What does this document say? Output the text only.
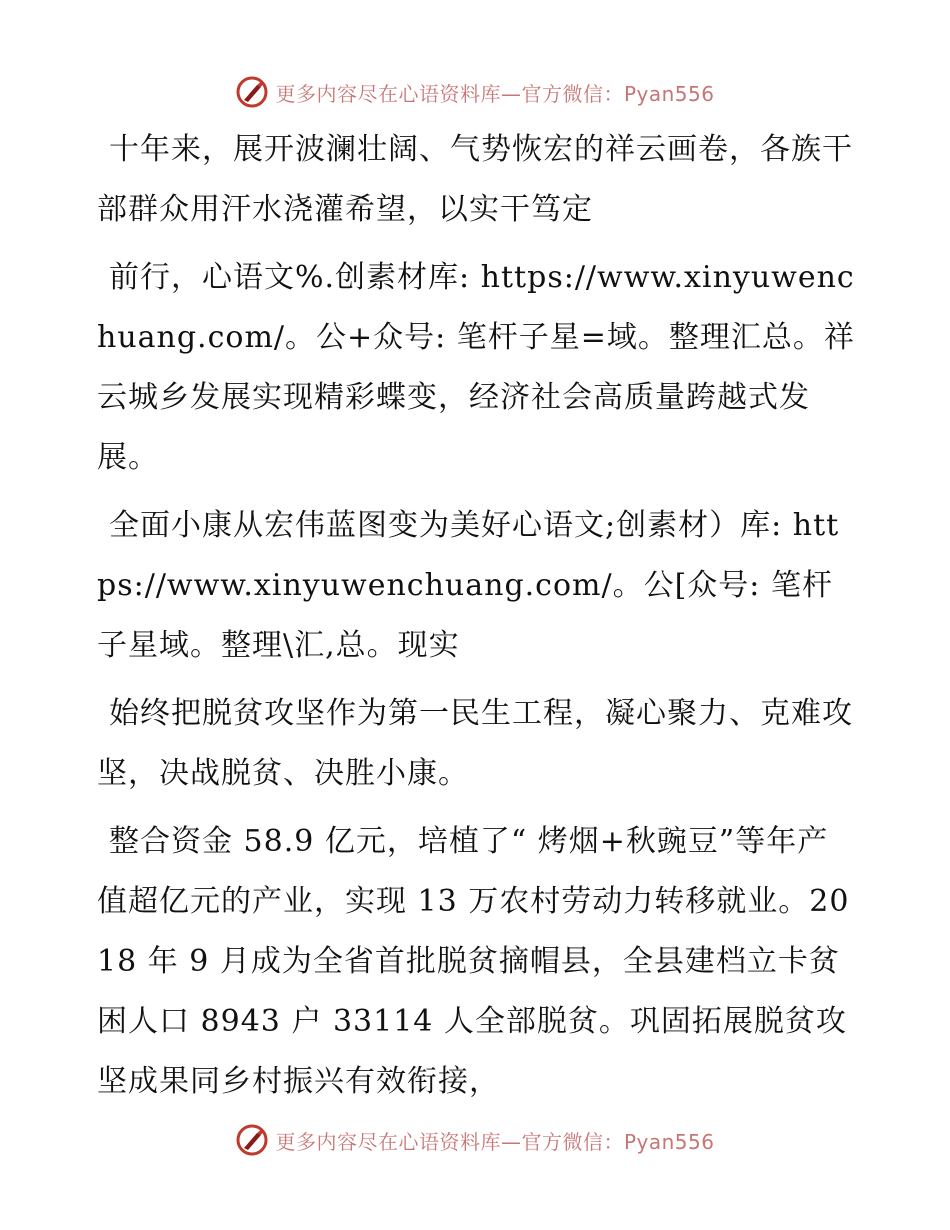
更多内容尽在心语资料库—官方微信：Pyan556

十年来，展开波澜壮阔、气势恢宏的祥云画卷，各族干部群众用汗水浇灌希望，以实干笃定

前行，心语文%.创素材库: https://www.xinyuwenchuang.com/。公+众号: 笔杆子星=域。整理汇总。祥云城乡发展实现精彩蝶变，经济社会高质量跨越式发展。

全面小康从宏伟蓝图变为美好心语文;创素材）库: https://www.xinyuwenchuang.com/。公[众号: 笔杆子星域。整理\汇,总。现实

始终把脱贫攻坚作为第一民生工程，凝心聚力、克难攻坚，决战脱贫、决胜小康。

整合资金 58.9 亿元，培植了“ 烤烟+秋豌豆”等年产值超亿元的产业，实现 13 万农村劳动力转移就业。2018 年 9 月成为全省首批脱贫摘帽县，全县建档立卡贫困人口 8943 户 33114 人全部脱贫。巩固拓展脱贫攻坚成果同乡村振兴有效衔接，

更多内容尽在心语资料库—官方微信：Pyan556
